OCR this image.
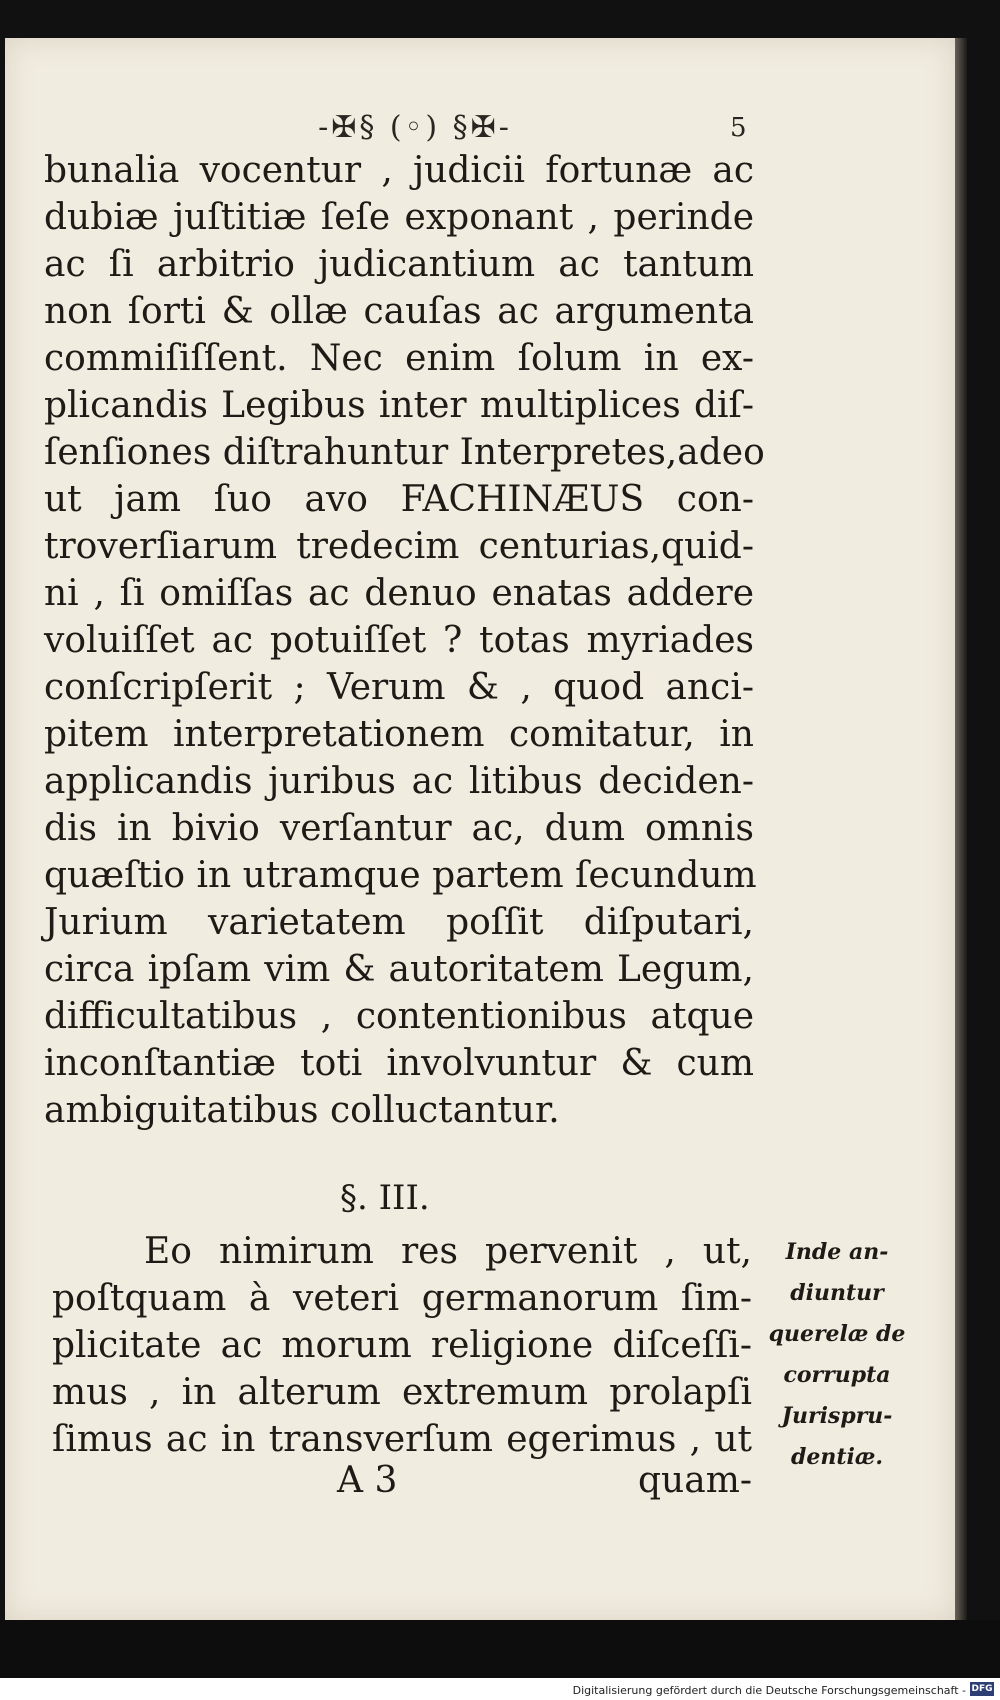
-✠§ (◦) §✠-	5
bunalia vocentur , judicii fortunæ ac
dubiæ juſtitiæ ſeſe exponant , perinde
ac ſi arbitrio judicantium ac tantum
non ſorti & ollæ cauſas ac argumenta
commiſiſſent. Nec enim ſolum in ex-
plicandis Legibus inter multiplices diſ-
ſenſiones diſtrahuntur Interpretes,adeo
ut jam ſuo avo FACHINÆUS con-
troverſiarum tredecim centurias,quid-
ni , ſi omiſſas ac denuo enatas addere
voluiſſet ac potuiſſet ? totas myriades
conſcripſerit ; Verum & , quod anci-
pitem interpretationem comitatur, in
applicandis juribus ac litibus deciden-
dis in bivio verſantur ac, dum omnis
quæſtio in utramque partem ſecundum
Jurium varietatem poſſit diſputari,
circa ipſam vim & autoritatem Legum,
difficultatibus , contentionibus atque
inconſtantiæ toti involvuntur & cum
ambiguitatibus colluctantur.
§. III.
Eo nimirum res pervenit , ut,
poſtquam à veteri germanorum ſim-
plicitate ac morum religione diſceſſi-
mus , in alterum extremum prolapſi
ſimus ac in transverſum egerimus , ut
Inde an-
diuntur
querelæ de
corrupta
Jurispru-
dentiæ.
A 3	quam-
Digitalisierung gefördert durch die Deutsche Forschungsgemeinschaft - DFG
